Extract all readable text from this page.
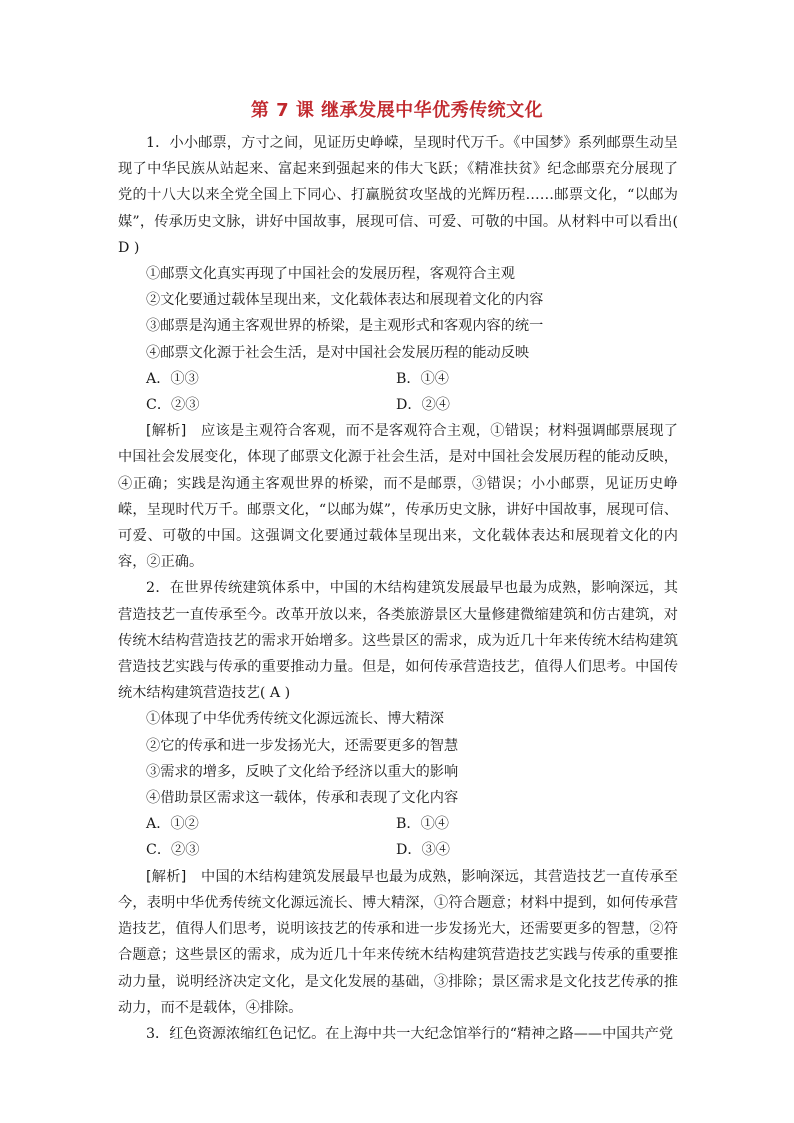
第 7 课 继承发展中华优秀传统文化

1．小小邮票，方寸之间，见证历史峥嵘，呈现时代万千。《中国梦》系列邮票生动呈现了中华民族从站起来、富起来到强起来的伟大飞跃；《精准扶贫》纪念邮票充分展现了党的十八大以来全党全国上下同心、打赢脱贫攻坚战的光辉历程……邮票文化，“以邮为媒”，传承历史文脉，讲好中国故事，展现可信、可爱、可敬的中国。从材料中可以看出( D )

①邮票文化真实再现了中国社会的发展历程，客观符合主观

②文化要通过载体呈现出来，文化载体表达和展现着文化的内容

③邮票是沟通主客观世界的桥梁，是主观形式和客观内容的统一

④邮票文化源于社会生活，是对中国社会发展历程的能动反映

A．①③	B．①④
C．②③	D．②④

[解析]　应该是主观符合客观，而不是客观符合主观，①错误；材料强调邮票展现了中国社会发展变化，体现了邮票文化源于社会生活，是对中国社会发展历程的能动反映，④正确；实践是沟通主客观世界的桥梁，而不是邮票，③错误；小小邮票，见证历史峥嵘，呈现时代万千。邮票文化，“以邮为媒”，传承历史文脉，讲好中国故事，展现可信、可爱、可敬的中国。这强调文化要通过载体呈现出来，文化载体表达和展现着文化的内容，②正确。

2．在世界传统建筑体系中，中国的木结构建筑发展最早也最为成熟，影响深远，其营造技艺一直传承至今。改革开放以来，各类旅游景区大量修建微缩建筑和仿古建筑，对传统木结构营造技艺的需求开始增多。这些景区的需求，成为近几十年来传统木结构建筑营造技艺实践与传承的重要推动力量。但是，如何传承营造技艺，值得人们思考。中国传统木结构建筑营造技艺( A )

①体现了中华优秀传统文化源远流长、博大精深

②它的传承和进一步发扬光大，还需要更多的智慧

③需求的增多，反映了文化给予经济以重大的影响

④借助景区需求这一载体，传承和表现了文化内容

A．①②	B．①④
C．②③	D．③④

[解析]　中国的木结构建筑发展最早也最为成熟，影响深远，其营造技艺一直传承至今，表明中华优秀传统文化源远流长、博大精深，①符合题意；材料中提到，如何传承营造技艺，值得人们思考，说明该技艺的传承和进一步发扬光大，还需要更多的智慧，②符合题意；这些景区的需求，成为近几十年来传统木结构建筑营造技艺实践与传承的重要推动力量，说明经济决定文化，是文化发展的基础，③排除；景区需求是文化技艺传承的推动力，而不是载体，④排除。

3．红色资源浓缩红色记忆。在上海中共一大纪念馆举行的“精神之路——中国共产党
